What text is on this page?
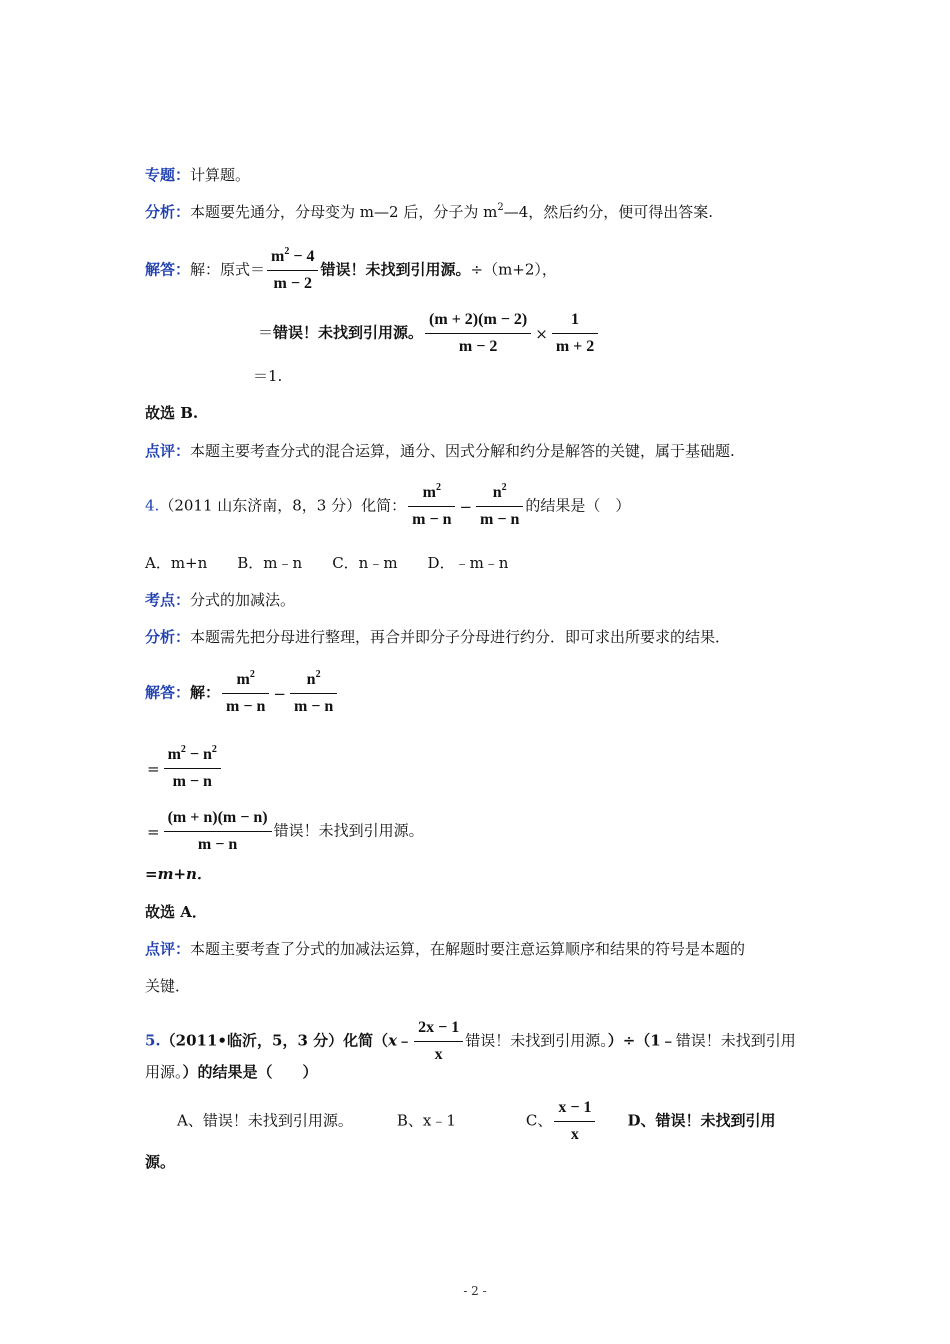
专题：计算题。
分析：本题要先通分，分母变为 m—2 后，分子为 $m^2—4$，然后约分，便可得出答案.
解答：解：原式＝ $\frac{m^2 - 4}{m - 2}$ 错误！未找到引用源。÷（m+2），
＝错误！未找到引用源。 $\frac{(m + 2)(m - 2)}{m - 2} \times \frac{1}{m + 2}$
＝1.
故选 B.
点评：本题主要考查分式的混合运算，通分、因式分解和约分是解答的关键，属于基础题.
4.（2011 山东济南，8，3 分）化简： $\frac{m^2}{m - n} - \frac{n^2}{m - n}$ 的结果是（　）
A．m+n　　B．m﹣n　　C．n﹣m　　D．﹣m﹣n
考点：分式的加减法。
分析：本题需先把分母进行整理，再合并即分子分母进行约分．即可求出所要求的结果．
解答：解： $\frac{m^2}{m - n} - \frac{n^2}{m - n}$
= $\frac{m^2 - n^2}{m - n}$
= $\frac{(m + n)(m - n)}{m - n}$ 错误！未找到引用源。
=m+n．
故选 A．
点评：本题主要考查了分式的加减法运算，在解题时要注意运算顺序和结果的符号是本题的
关键．
5.（2011•临沂，5，3 分）化简（x﹣ $\frac{2x - 1}{x}$ 错误！未找到引用源。）÷（1﹣错误！未找到引用
用源。）的结果是（　　）
A、错误！未找到引用源。	B、x﹣1	C、 $\frac{x - 1}{x}$ D、错误！未找到引用
源。
- 2 -
